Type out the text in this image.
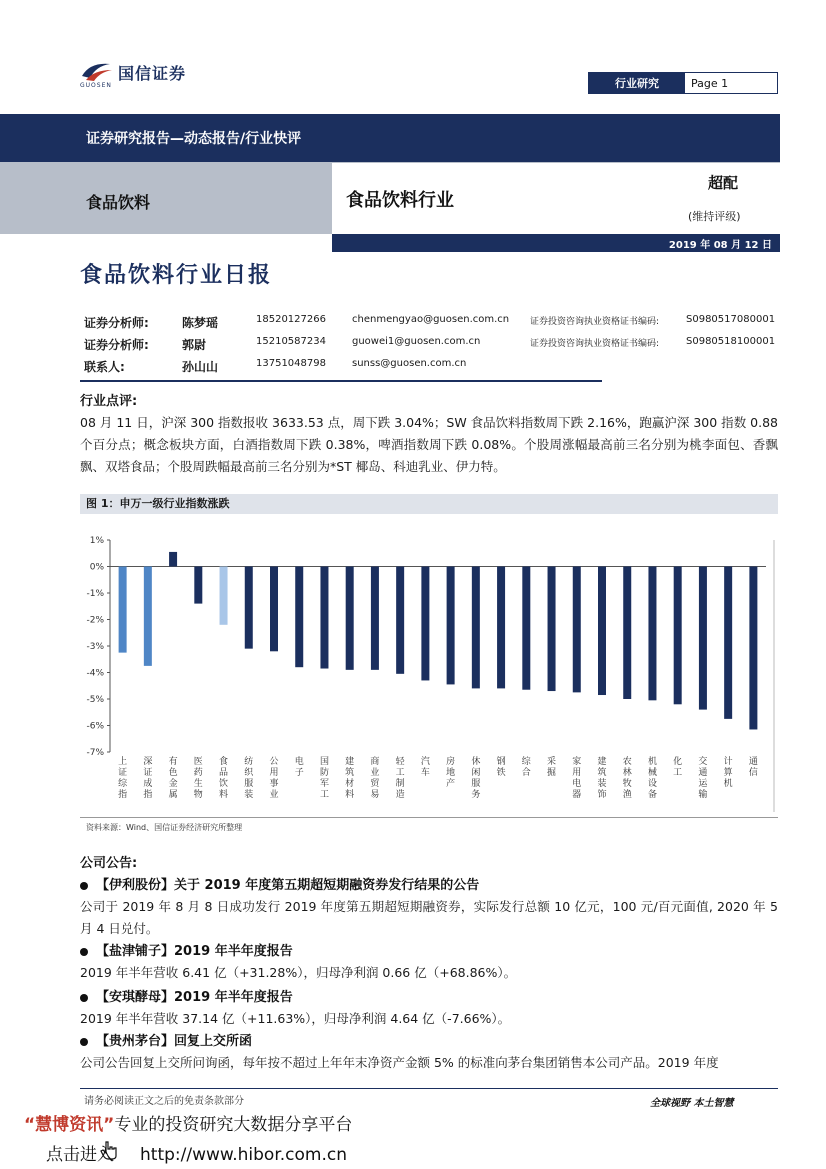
国信证券
GUOSEN	行业研究	Page 1
证券研究报告—动态报告/行业快评
食品饮料	食品饮料行业
超配
(维持评级)
2019 年 08 月 12 日
食品饮料行业日报
证券分析师:	陈梦瑶	18520127266	chenmengyao@guosen.com.cn 证券投资咨询执业资格证书编码:	S0980517080001
证券分析师:	郭尉	15210587234	guowei1@guosen.com.cn	证券投资咨询执业资格证书编码:	S0980518100001
联系人:	孙山山	13751048798	sunss@guosen.com.cn
行业点评:
08 月 11 日，沪深 300 指数报收 3633.53 点，周下跌 3.04%；SW 食品饮料指数周下跌 2.16%，跑赢沪深 300 指数 0.88 个百分点；概念板块方面，白酒指数周下跌 0.38%，啤酒指数周下跌 0.08%。个股周涨幅最高前三名分别为桃李面包、香飘飘、双塔食品；个股周跌幅最高前三名分别为*ST 椰岛、科迪乳业、伊力特。
图 1：申万一级行业指数涨跌
1%
0%
-1%
-2%
-3%
-4%
-5%
-6%
-7%
上
证
综
指
深
证
成
指
有
色
金
属
医
药
生
物
食
品
饮
料
纺
织
服
装
公
用
事
业
电
子
国
防
军
工
建
筑
材
料
商
业
贸
易
轻
工
制
造
汽
车
房
地
产
休
闲
服
务
钢
铁
综
合
采
掘
家
用
电
器
建
筑
装
饰
农
林
牧
渔
机
械
设
备
化
工
交
通
运
输
计
算
机
通
信
资料来源：Wind、国信证券经济研究所整理
公司公告:
【伊利股份】关于 2019 年度第五期超短期融资券发行结果的公告
公司于 2019 年 8 月 8 日成功发行 2019 年度第五期超短期融资券，实际发行总额 10 亿元，100 元/百元面值, 2020 年 5 月 4 日兑付。
【盐津铺子】2019 年半年度报告
2019 年半年营收 6.41 亿（+31.28%），归母净利润 0.66 亿（+68.86%）。
【安琪酵母】2019 年半年度报告
2019 年半年营收 37.14 亿（+11.63%），归母净利润 4.64 亿（-7.66%）。
【贵州茅台】回复上交所函
公司公告回复上交所问询函，每年按不超过上年年末净资产金额 5% 的标准向茅台集团销售本公司产品。2019 年度
请务必阅读正文之后的免责条款部分	全球视野 本土智慧
“慧博资讯”专业的投资研究大数据分享平台
点击进入 http://www.hibor.com.cn
